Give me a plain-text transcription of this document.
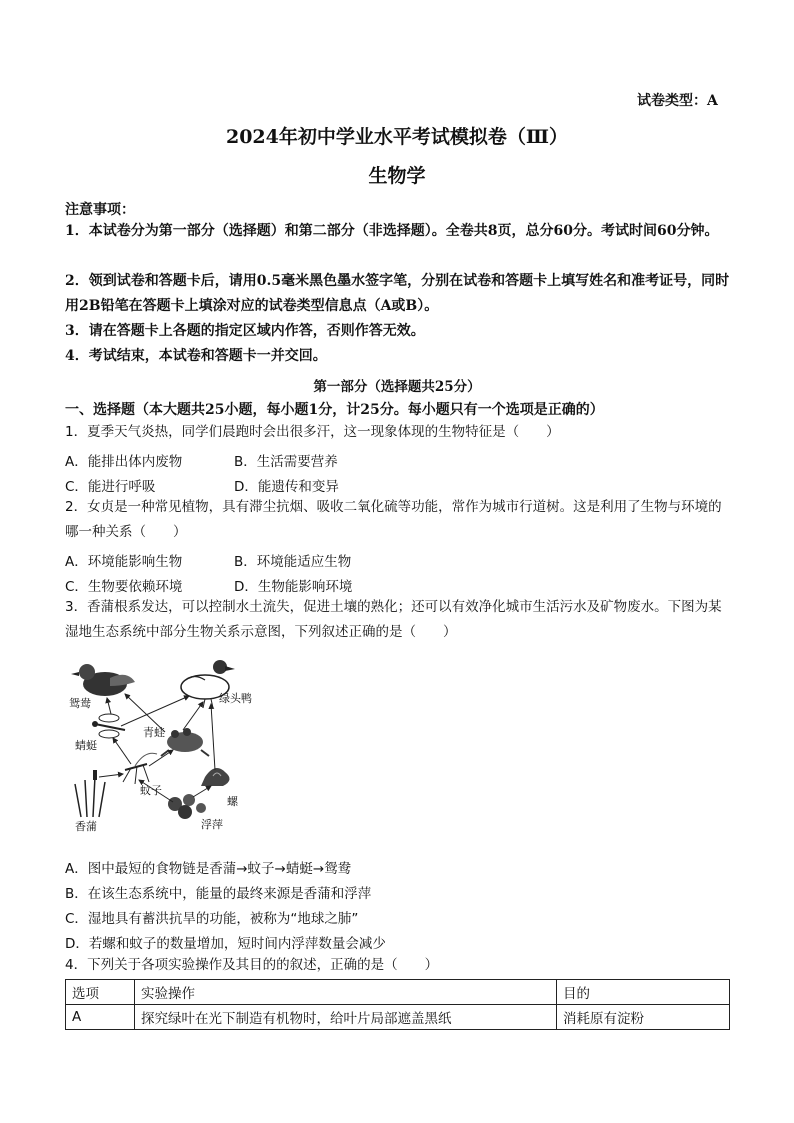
试卷类型：A
2024年初中学业水平考试模拟卷（Ⅲ）
生物学
注意事项：
1．本试卷分为第一部分（选择题）和第二部分（非选择题）。全卷共8页，总分60分。考试时间60分钟。
2．领到试卷和答题卡后，请用0.5毫米黑色墨水签字笔，分别在试卷和答题卡上填写姓名和准考证号，同时用2B铅笔在答题卡上填涂对应的试卷类型信息点（A或B）。
3．请在答题卡上各题的指定区域内作答，否则作答无效。
4．考试结束，本试卷和答题卡一并交回。
第一部分（选择题共25分）
一、选择题（本大题共25小题，每小题1分，计25分。每小题只有一个选项是正确的）
1．夏季天气炎热，同学们晨跑时会出很多汗，这一现象体现的生物特征是（　　）
A．能排出体内废物	B．生活需要营养
C．能进行呼吸	D．能遗传和变异
2．女贞是一种常见植物，具有滞尘抗烟、吸收二氧化硫等功能，常作为城市行道树。这是利用了生物与环境的哪一种关系（　　）
A．环境能影响生物	B．环境能适应生物
C．生物要依赖环境	D．生物能影响环境
3．香蒲根系发达，可以控制水土流失，促进土壤的熟化；还可以有效净化城市生活污水及矿物废水。下图为某湿地生态系统中部分生物关系示意图，下列叙述正确的是（　　）
鸳鸯	绿头鸭
蜻蜓
青蛙
蚊子
螺
香蒲	浮萍
A．图中最短的食物链是香蒲→蚊子→蜻蜓→鸳鸯
B．在该生态系统中，能量的最终来源是香蒲和浮萍
C．湿地具有蓄洪抗旱的功能，被称为“地球之肺”
D．若螺和蚊子的数量增加，短时间内浮萍数量会减少
4．下列关于各项实验操作及其目的的叙述，正确的是（　　）
选项	实验操作	目的
A	探究绿叶在光下制造有机物时，给叶片局部遮盖黑纸	消耗原有淀粉
